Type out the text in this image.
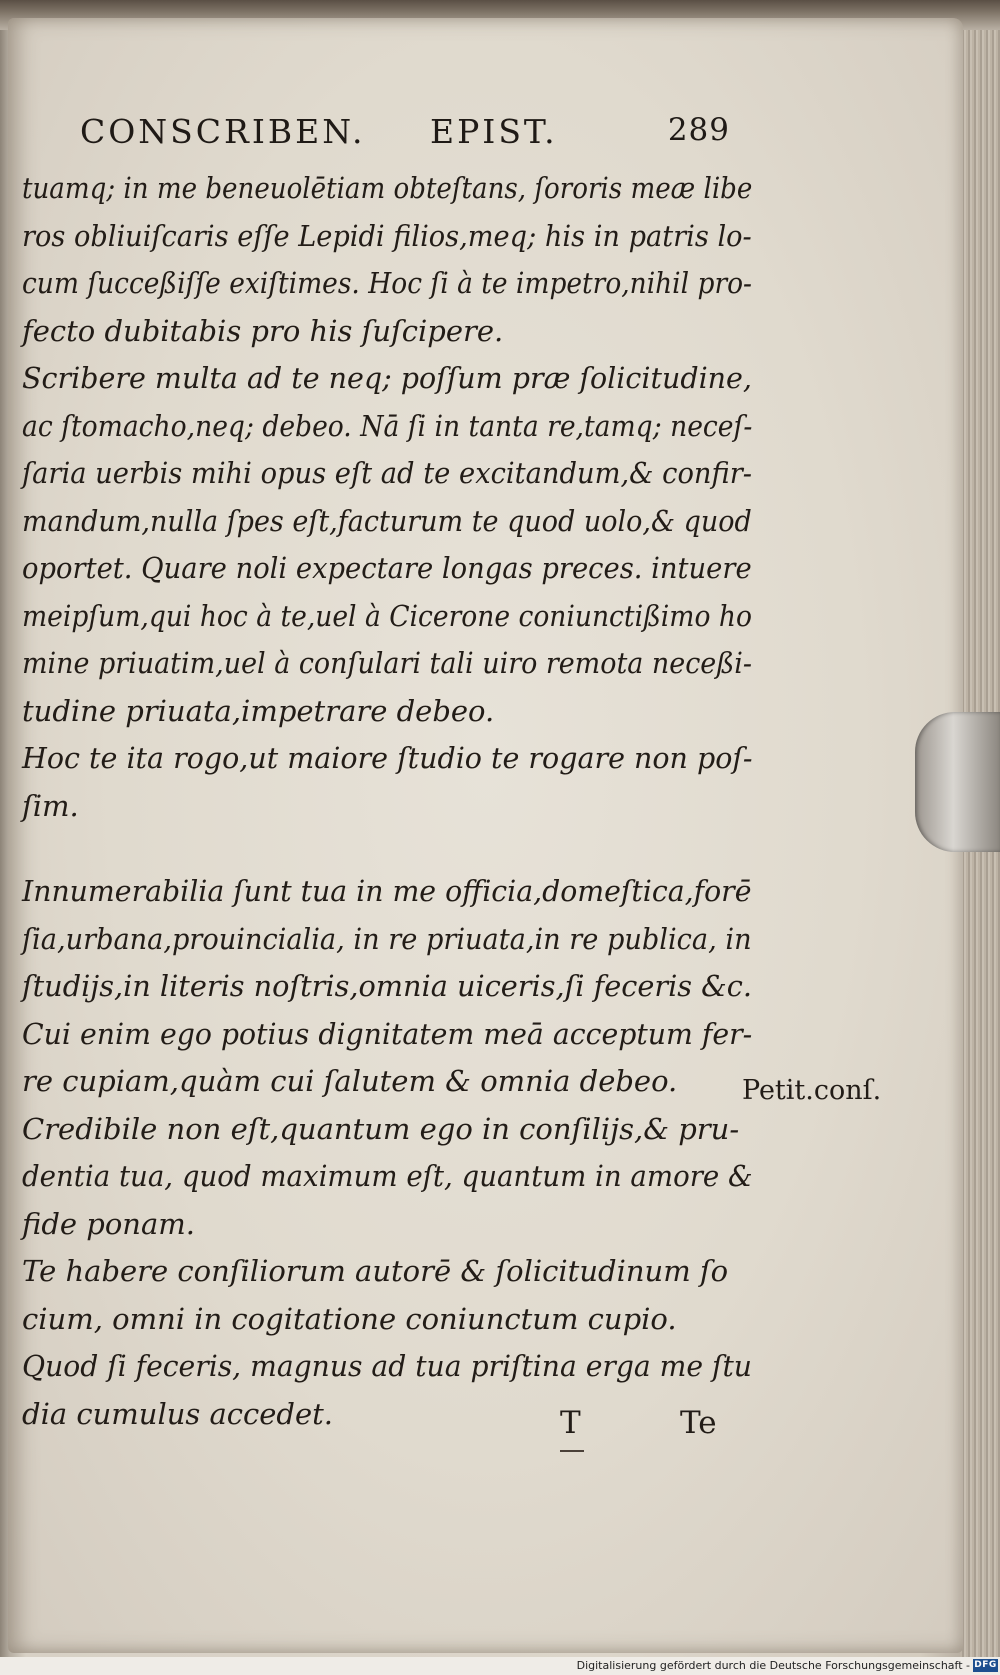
CONSCRIBEN. EPIST.	289
tuamq; in me beneuolētiam obteſtans, ſororis meæ libe
ros obliuiſcaris eſſe Lepidi filios,meq; his in patris lo-
cum ſucceßiſſe exiſtimes. Hoc ſi à te impetro,nihil pro-
fecto dubitabis pro his ſuſcipere.
Scribere multa ad te neq; poſſum præ ſolicitudine,
ac ſtomacho,neq; debeo. Nā ſi in tanta re,tamq; neceſ-
ſaria uerbis mihi opus eſt ad te excitandum,& confir-
mandum,nulla ſpes eſt,facturum te quod uolo,& quod
oportet. Quare noli expectare longas preces. intuere
meipſum,qui hoc à te,uel à Cicerone coniunctißimo ho
mine priuatim,uel à conſulari tali uiro remota neceßi-
tudine priuata,impetrare debeo.
Hoc te ita rogo,ut maiore ſtudio te rogare non poſ-
ſim.
Innumerabilia ſunt tua in me officia,domeſtica,forē
ſia,urbana,prouincialia, in re priuata,in re publica, in
ſtudijs,in literis noſtris,omnia uiceris,ſi feceris &c.
Cui enim ego potius dignitatem meā acceptum fer-
re cupiam,quàm cui ſalutem & omnia debeo.
Credibile non eſt,quantum ego in conſilijs,& pru-
dentia tua, quod maximum eſt, quantum in amore &
fide ponam.
Te habere conſiliorum autorē & ſolicitudinum ſo
cium, omni in cogitatione coniunctum cupio.
Quod ſi feceris, magnus ad tua priſtina erga me ſtu
dia cumulus accedet.
Petit.conſ.
T	Te
Digitalisierung gefördert durch die Deutsche Forschungsgemeinschaft - DFG
